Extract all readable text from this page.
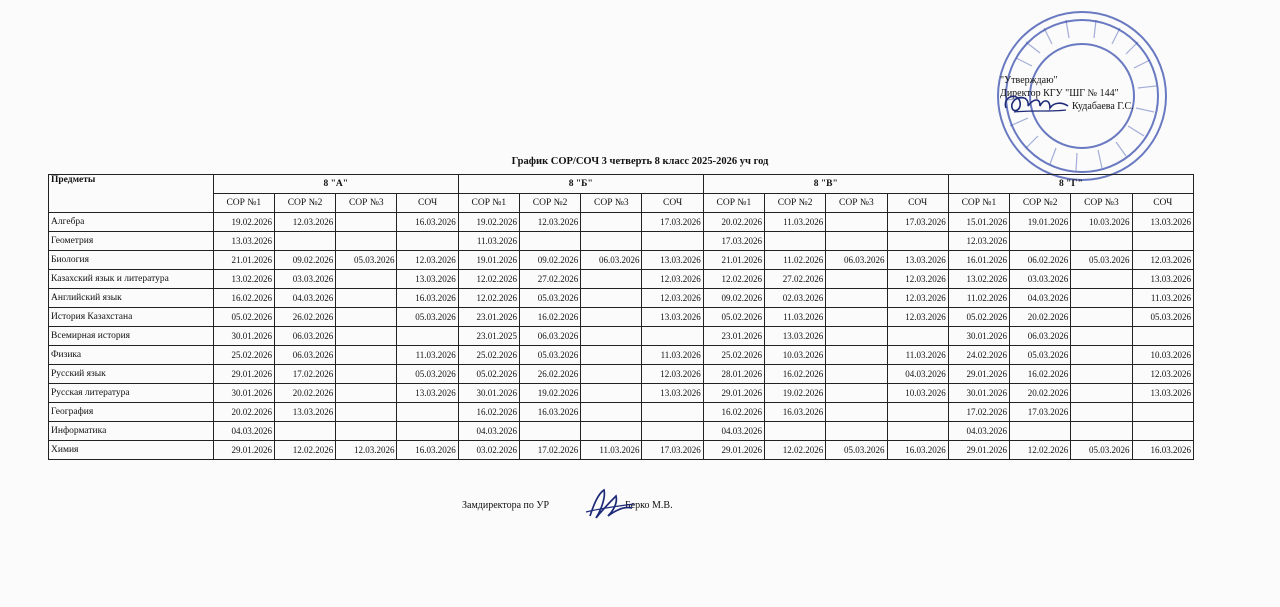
"Утверждаю"
Директор КГУ "ШГ № 144"
Кудабаева Г.С.
График СОР/СОЧ 3 четверть 8 класс 2025-2026 уч год
Предметы	8 "А"				8 "Б"				8 "В"				8 "Г"			
	СОР №1	СОР №2	СОР №3	СОЧ	СОР №1	СОР №2	СОР №3	СОЧ	СОР №1	СОР №2	СОР №3	СОЧ	СОР №1	СОР №2	СОР №3	СОЧ
Алгебра	19.02.2026	12.03.2026		16.03.2026	19.02.2026	12.03.2026		17.03.2026	20.02.2026	11.03.2026		17.03.2026	15.01.2026	19.01.2026	10.03.2026	13.03.2026
Геометрия	13.03.2026				11.03.2026				17.03.2026				12.03.2026			
Биология	21.01.2026	09.02.2026	05.03.2026	12.03.2026	19.01.2026	09.02.2026	06.03.2026	13.03.2026	21.01.2026	11.02.2026	06.03.2026	13.03.2026	16.01.2026	06.02.2026	05.03.2026	12.03.2026
Казахский язык и литература	13.02.2026	03.03.2026		13.03.2026	12.02.2026	27.02.2026		12.03.2026	12.02.2026	27.02.2026		12.03.2026	13.02.2026	03.03.2026		13.03.2026
Английский язык	16.02.2026	04.03.2026		16.03.2026	12.02.2026	05.03.2026		12.03.2026	09.02.2026	02.03.2026		12.03.2026	11.02.2026	04.03.2026		11.03.2026
История Казахстана	05.02.2026	26.02.2026		05.03.2026	23.01.2026	16.02.2026		13.03.2026	05.02.2026	11.03.2026		12.03.2026	05.02.2026	20.02.2026		05.03.2026
Всемирная история	30.01.2026	06.03.2026			23.01.2025	06.03.2026			23.01.2026	13.03.2026			30.01.2026	06.03.2026		
Физика	25.02.2026	06.03.2026		11.03.2026	25.02.2026	05.03.2026		11.03.2026	25.02.2026	10.03.2026		11.03.2026	24.02.2026	05.03.2026		10.03.2026
Русский язык	29.01.2026	17.02.2026		05.03.2026	05.02.2026	26.02.2026		12.03.2026	28.01.2026	16.02.2026		04.03.2026	29.01.2026	16.02.2026		12.03.2026
Русская литература	30.01.2026	20.02.2026		13.03.2026	30.01.2026	19.02.2026		13.03.2026	29.01.2026	19.02.2026		10.03.2026	30.01.2026	20.02.2026		13.03.2026
География	20.02.2026	13.03.2026			16.02.2026	16.03.2026			16.02.2026	16.03.2026			17.02.2026	17.03.2026		
Информатика	04.03.2026				04.03.2026				04.03.2026				04.03.2026			
Химия	29.01.2026	12.02.2026	12.03.2026	16.03.2026	03.02.2026	17.02.2026	11.03.2026	17.03.2026	29.01.2026	12.02.2026	05.03.2026	16.03.2026	29.01.2026	12.02.2026	05.03.2026	16.03.2026
Замдиректора по УР	Берко М.В.
